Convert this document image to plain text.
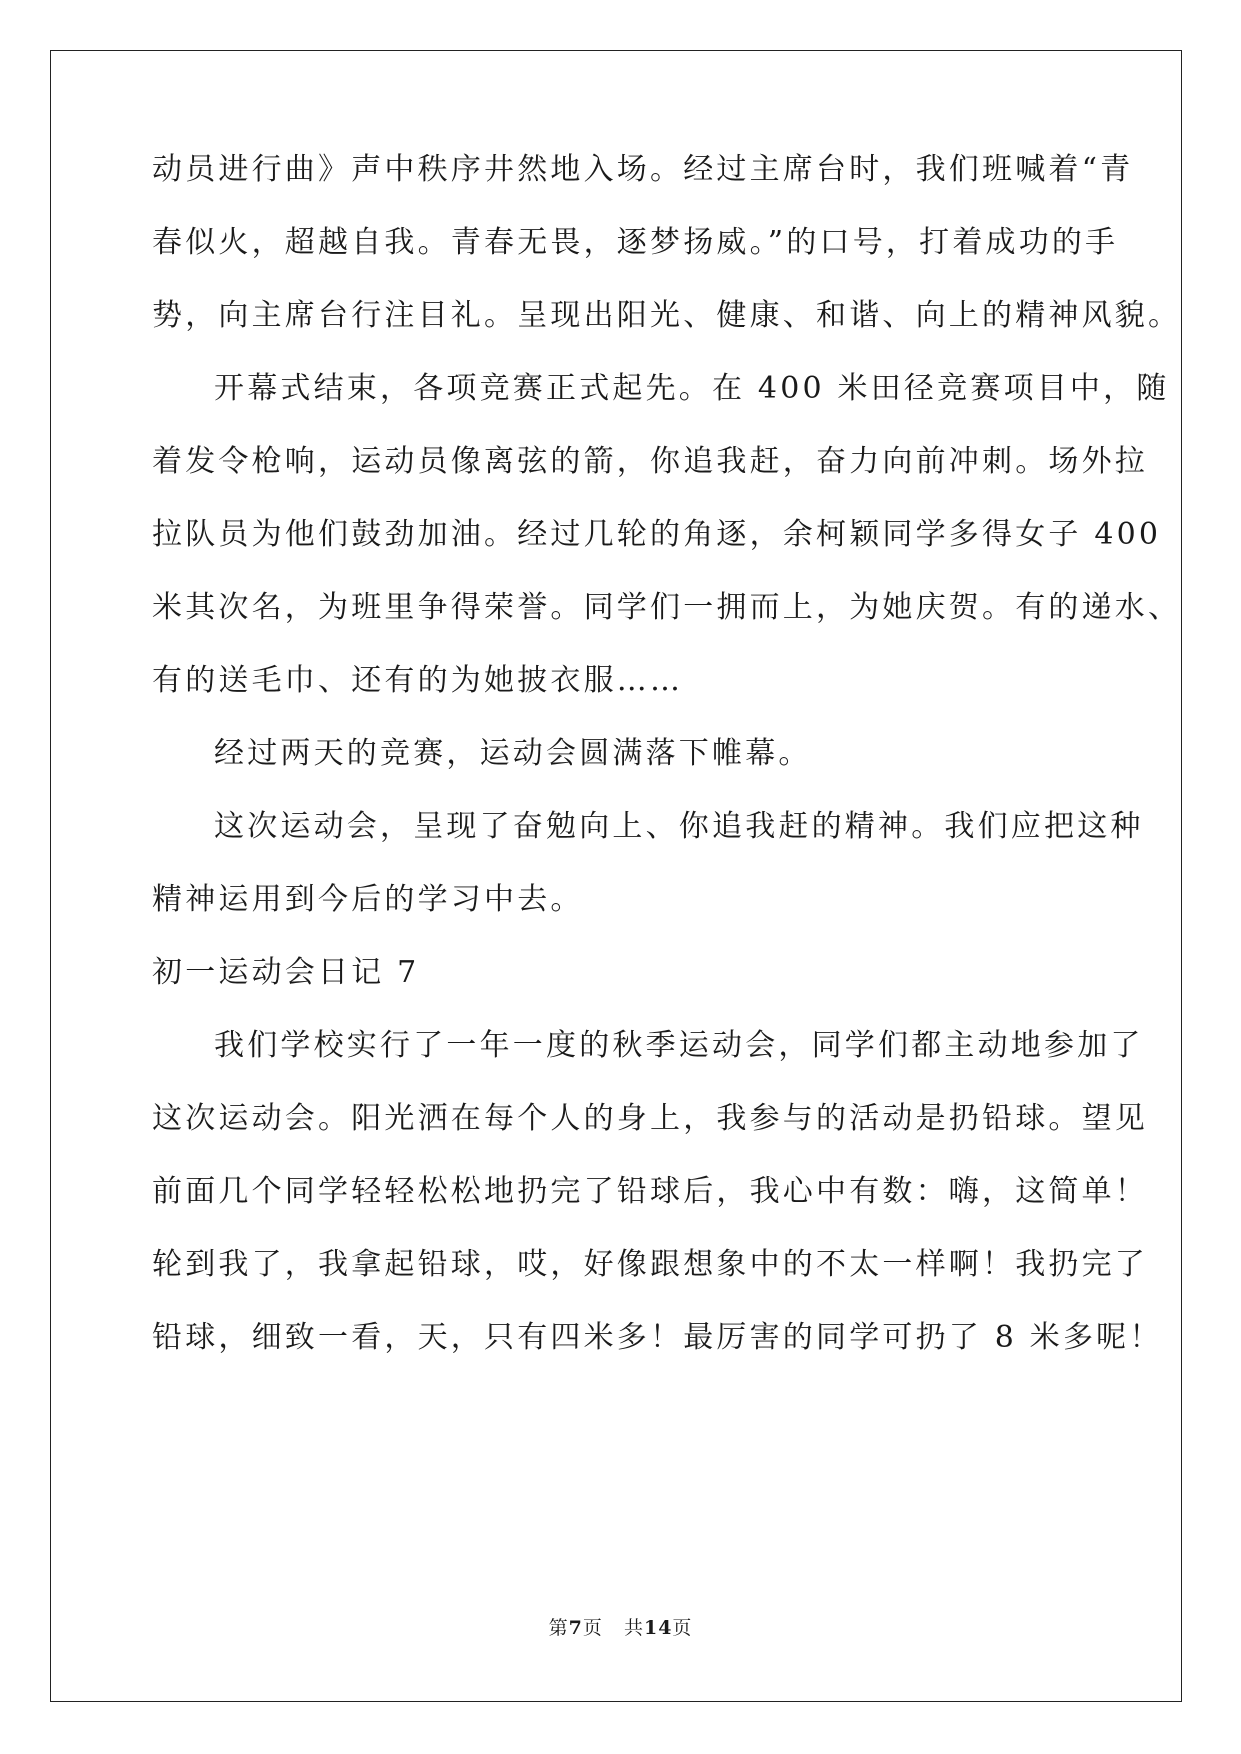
动员进行曲》声中秩序井然地入场。经过主席台时，我们班喊着“青
春似火，超越自我。青春无畏，逐梦扬威。”的口号，打着成功的手
势，向主席台行注目礼。呈现出阳光、健康、和谐、向上的精神风貌。
开幕式结束，各项竞赛正式起先。在 400 米田径竞赛项目中，随
着发令枪响，运动员像离弦的箭，你追我赶，奋力向前冲刺。场外拉
拉队员为他们鼓劲加油。经过几轮的角逐，余柯颖同学多得女子 400
米其次名，为班里争得荣誉。同学们一拥而上，为她庆贺。有的递水、
有的送毛巾、还有的为她披衣服……
经过两天的竞赛，运动会圆满落下帷幕。
这次运动会，呈现了奋勉向上、你追我赶的精神。我们应把这种
精神运用到今后的学习中去。
初一运动会日记 7
我们学校实行了一年一度的秋季运动会，同学们都主动地参加了
这次运动会。阳光洒在每个人的身上，我参与的活动是扔铅球。望见
前面几个同学轻轻松松地扔完了铅球后，我心中有数：嗨，这简单！
轮到我了，我拿起铅球，哎，好像跟想象中的不太一样啊！我扔完了
铅球，细致一看，天，只有四米多！最厉害的同学可扔了 8 米多呢！
第7页 共14页
